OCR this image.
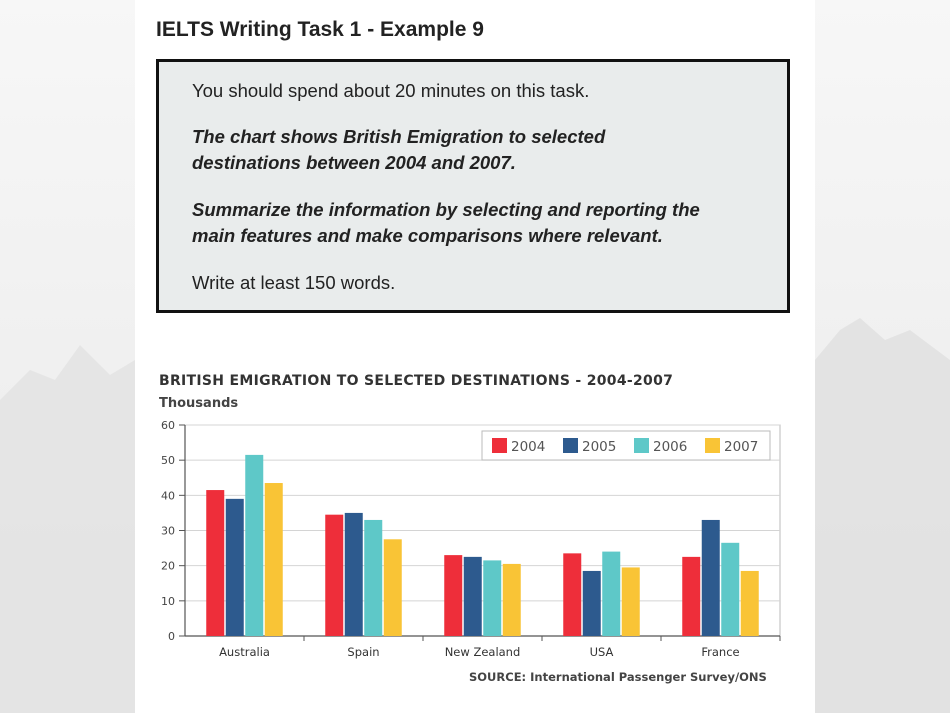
IELTS Writing Task 1 - Example 9

You should spend about 20 minutes on this task.

The chart shows British Emigration to selected

destinations between 2004 and 2007.

Summarize the information by selecting and reporting the

main features and make comparisons where relevant.

Write at least 150 words.

BRITISH EMIGRATION TO SELECTED DESTINATIONS - 2004-2007
Thousands
SOURCE: International Passenger Survey/ONS
0
10
20
30
40
50
60
Australia	Spain	New Zealand	USA	France
2004	2005	2006	2007
